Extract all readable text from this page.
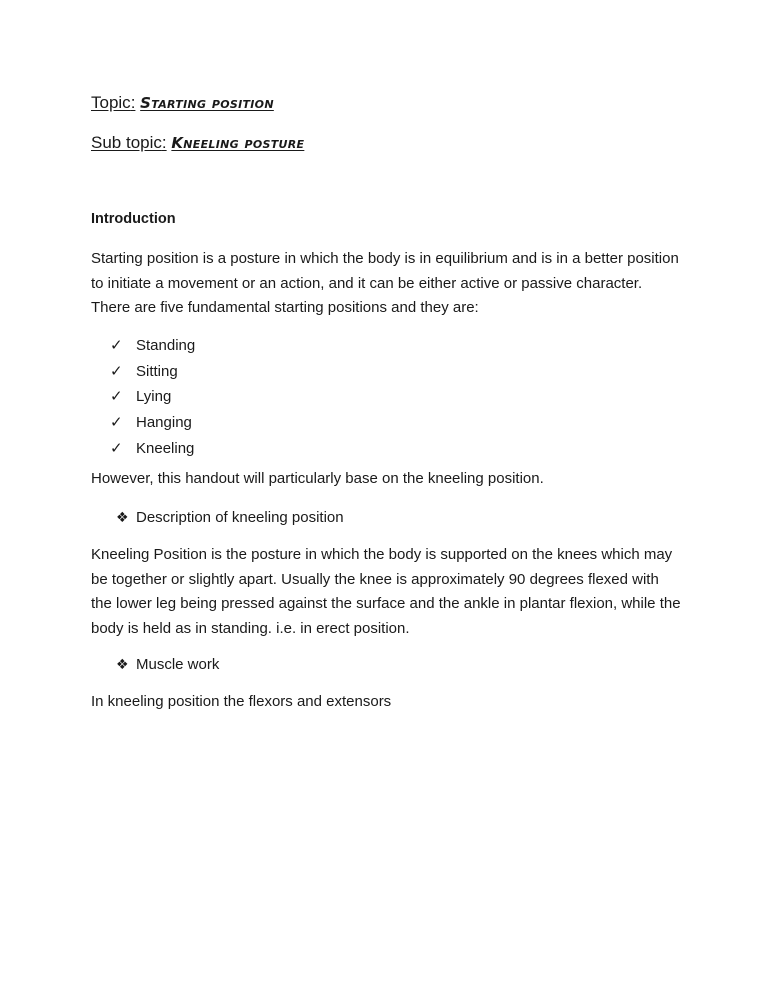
Topic: Starting position
Sub topic: Kneeling posture
Introduction

Starting position is a posture in which the body is in equilibrium and is in a better position to initiate a movement or an action, and it can be either active or passive character. There are five fundamental starting positions and they are:

✓ Standing
✓ Sitting
✓ Lying
✓ Hanging
✓ Kneeling
However, this handout will particularly base on the kneeling position.
❖ Description of kneeling position

Kneeling Position is the posture in which the body is supported on the knees which may be together or slightly apart. Usually the knee is approximately 90 degrees flexed with the lower leg being pressed against the surface and the ankle in plantar flexion, while the body is held as in standing. i.e. in erect position.

❖ Muscle work
In kneeling position the flexors and extensors
